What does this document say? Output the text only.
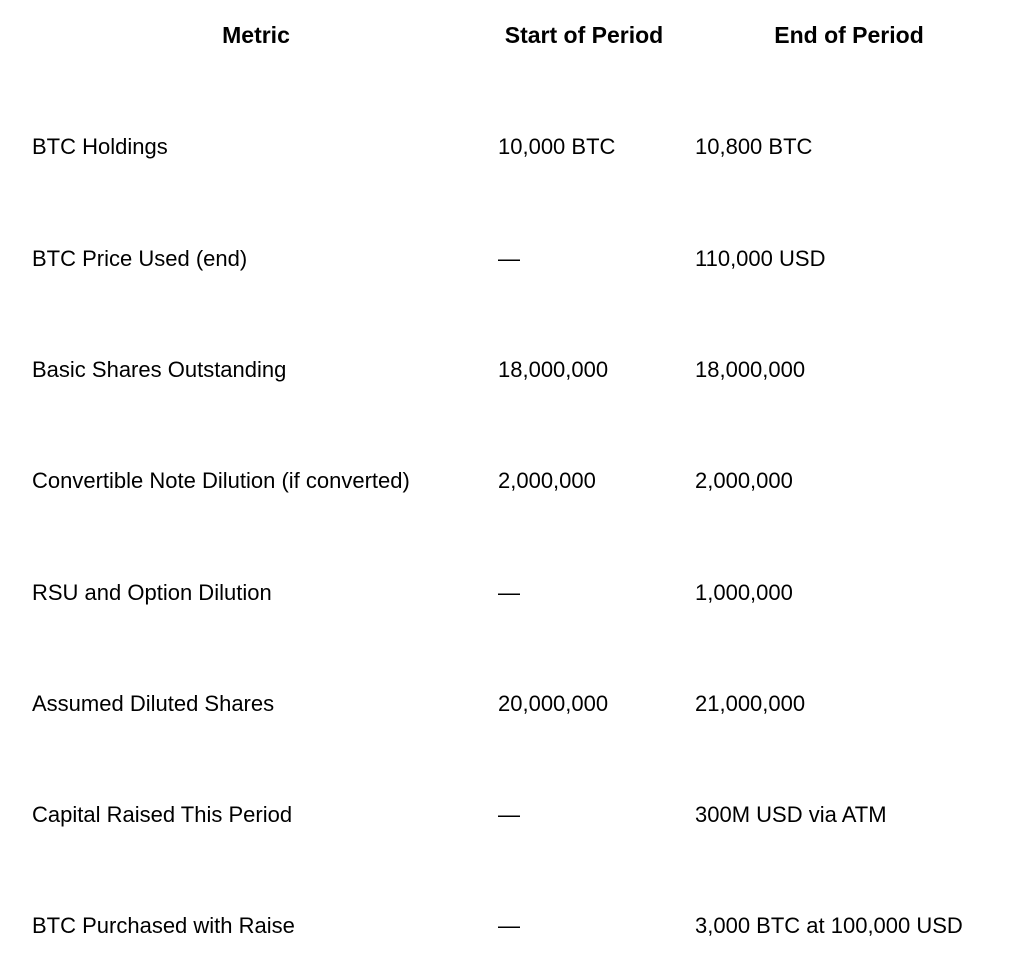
Metric	Start of Period	End of Period
BTC Holdings	10,000 BTC	10,800 BTC
BTC Price Used (end)	—	110,000 USD
Basic Shares Outstanding	18,000,000	18,000,000
Convertible Note Dilution (if converted)	2,000,000	2,000,000
RSU and Option Dilution	—	1,000,000
Assumed Diluted Shares	20,000,000	21,000,000
Capital Raised This Period	—	300M USD via ATM
BTC Purchased with Raise	—	3,000 BTC at 100,000 USD
